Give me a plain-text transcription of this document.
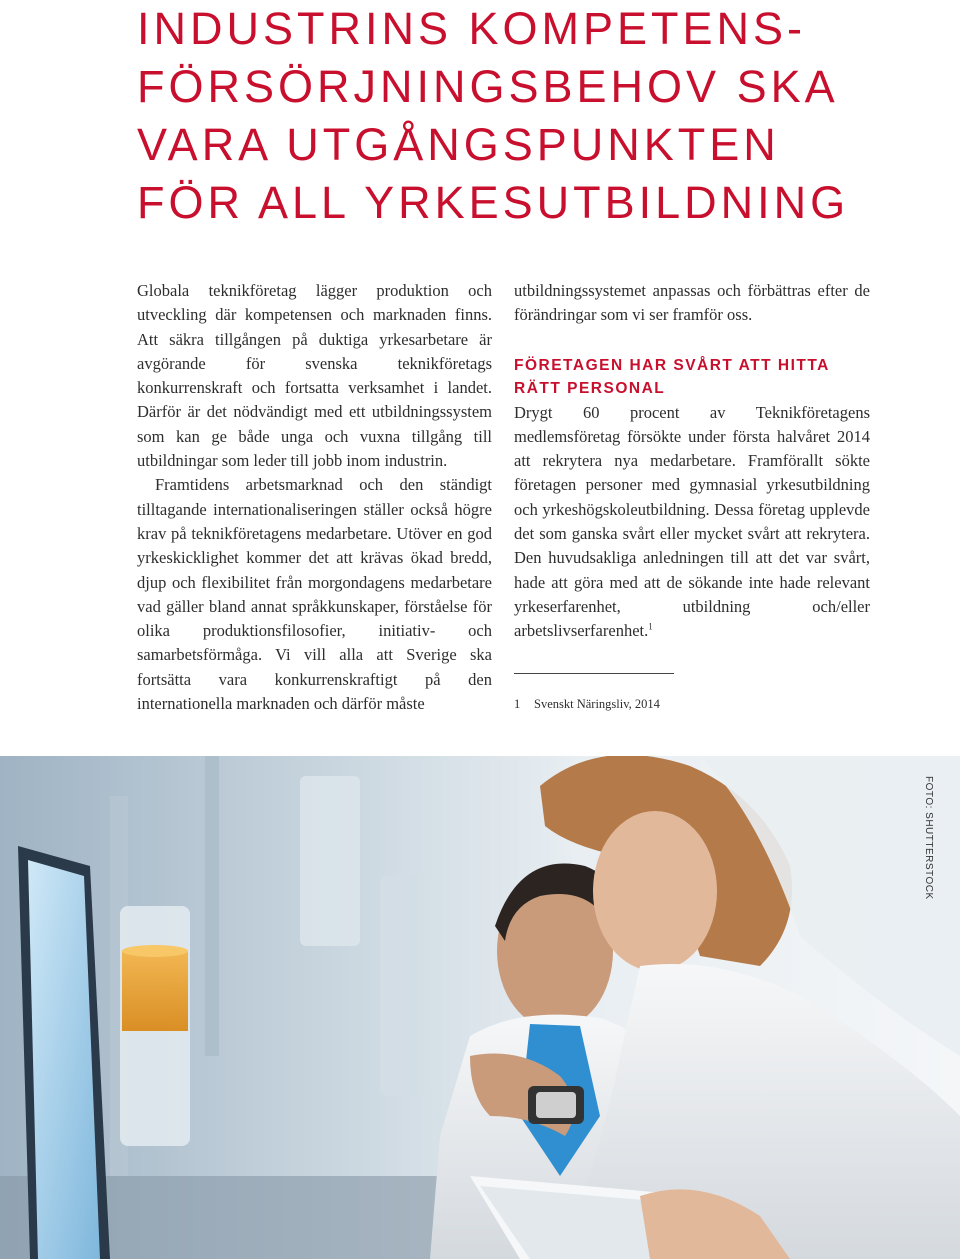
INDUSTRINS KOMPETENS-
FÖRSÖRJNINGSBEHOV SKA
VARA UTGÅNGSPUNKTEN
FÖR ALL YRKESUTBILDNING

Globala teknikföretag lägger produktion och utveckling där kompetensen och marknaden finns. Att säkra tillgången på duktiga yrkesarbetare är avgörande för svenska teknikföretags konkurrenskraft och fortsatta verksamhet i landet. Därför är det nödvändigt med ett utbildningssystem som kan ge både unga och vuxna tillgång till utbildningar som leder till jobb inom industrin.

Framtidens arbetsmarknad och den ständigt tilltagande internationaliseringen ställer också högre krav på teknikföretagens medarbetare. Utöver en god yrkeskicklighet kommer det att krävas ökad bredd, djup och flexibilitet från morgondagens medarbetare vad gäller bland annat språkkunskaper, förståelse för olika produktionsfilosofier, initiativ- och samarbetsförmåga. Vi vill alla att Sverige ska fortsätta vara konkurrenskraftigt på den internationella marknaden och därför måste

utbildningssystemet anpassas och förbättras efter de förändringar som vi ser framför oss.

FÖRETAGEN HAR SVÅRT ATT HITTA RÄTT PERSONAL

Drygt 60 procent av Teknikföretagens medlemsföretag försökte under första halvåret 2014 att rekrytera nya medarbetare. Framförallt sökte företagen personer med gymnasial yrkesutbildning och yrkeshögskoleutbildning. Dessa företag upplevde det som ganska svårt eller mycket svårt att rekrytera. Den huvudsakliga anledningen till att det var svårt, hade att göra med att de sökande inte hade relevant yrkeserfarenhet, utbildning och/eller arbetslivserfarenhet.$^1$

1 Svenskt Näringsliv, 2014
FOTO: SHUTTERSTOCK
